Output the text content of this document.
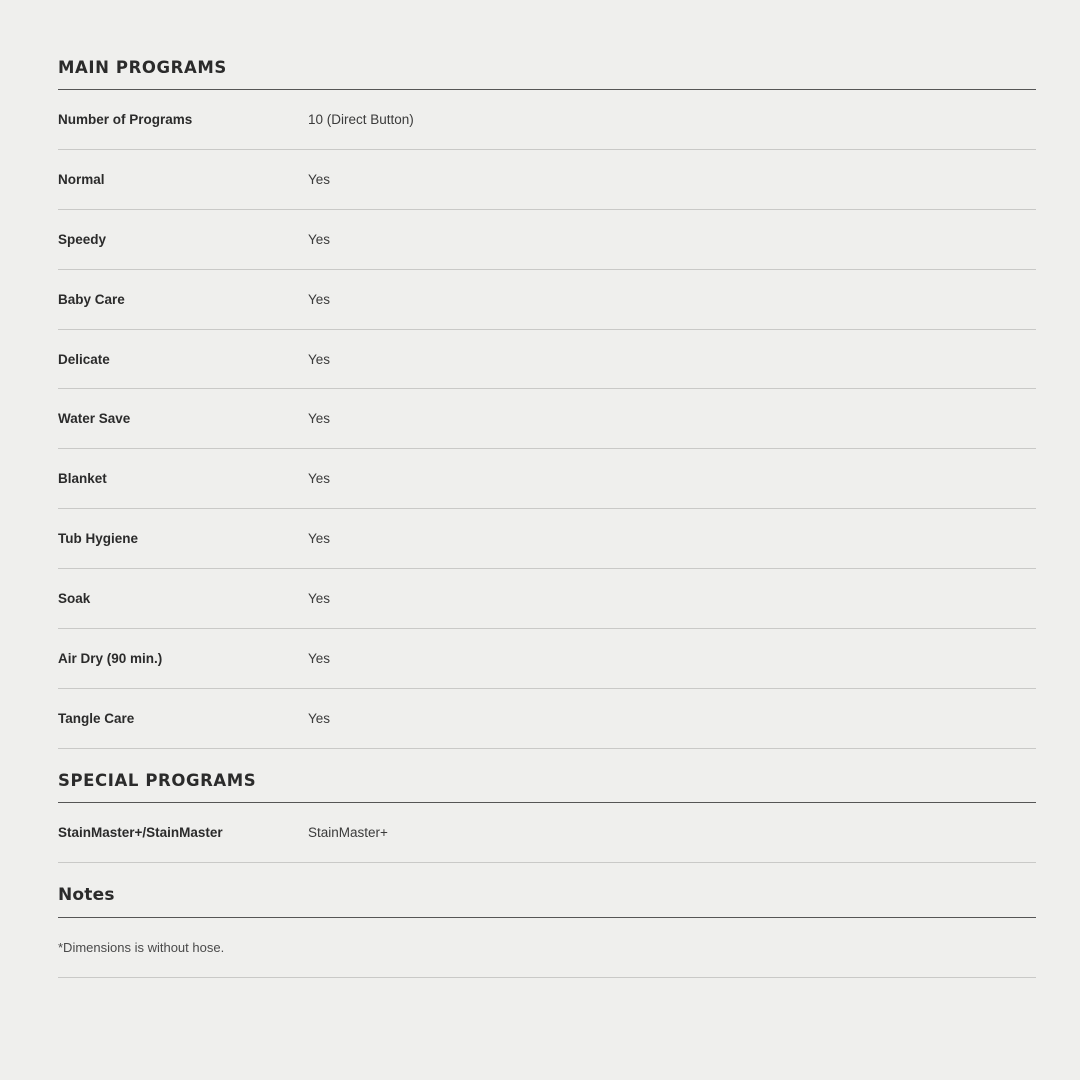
MAIN PROGRAMS
Number of Programs	10 (Direct Button)
Normal	Yes
Speedy	Yes
Baby Care	Yes
Delicate	Yes
Water Save	Yes
Blanket	Yes
Tub Hygiene	Yes
Soak	Yes
Air Dry (90 min.)	Yes
Tangle Care	Yes
SPECIAL PROGRAMS
StainMaster+/StainMaster	StainMaster+
Notes
*Dimensions is without hose.
